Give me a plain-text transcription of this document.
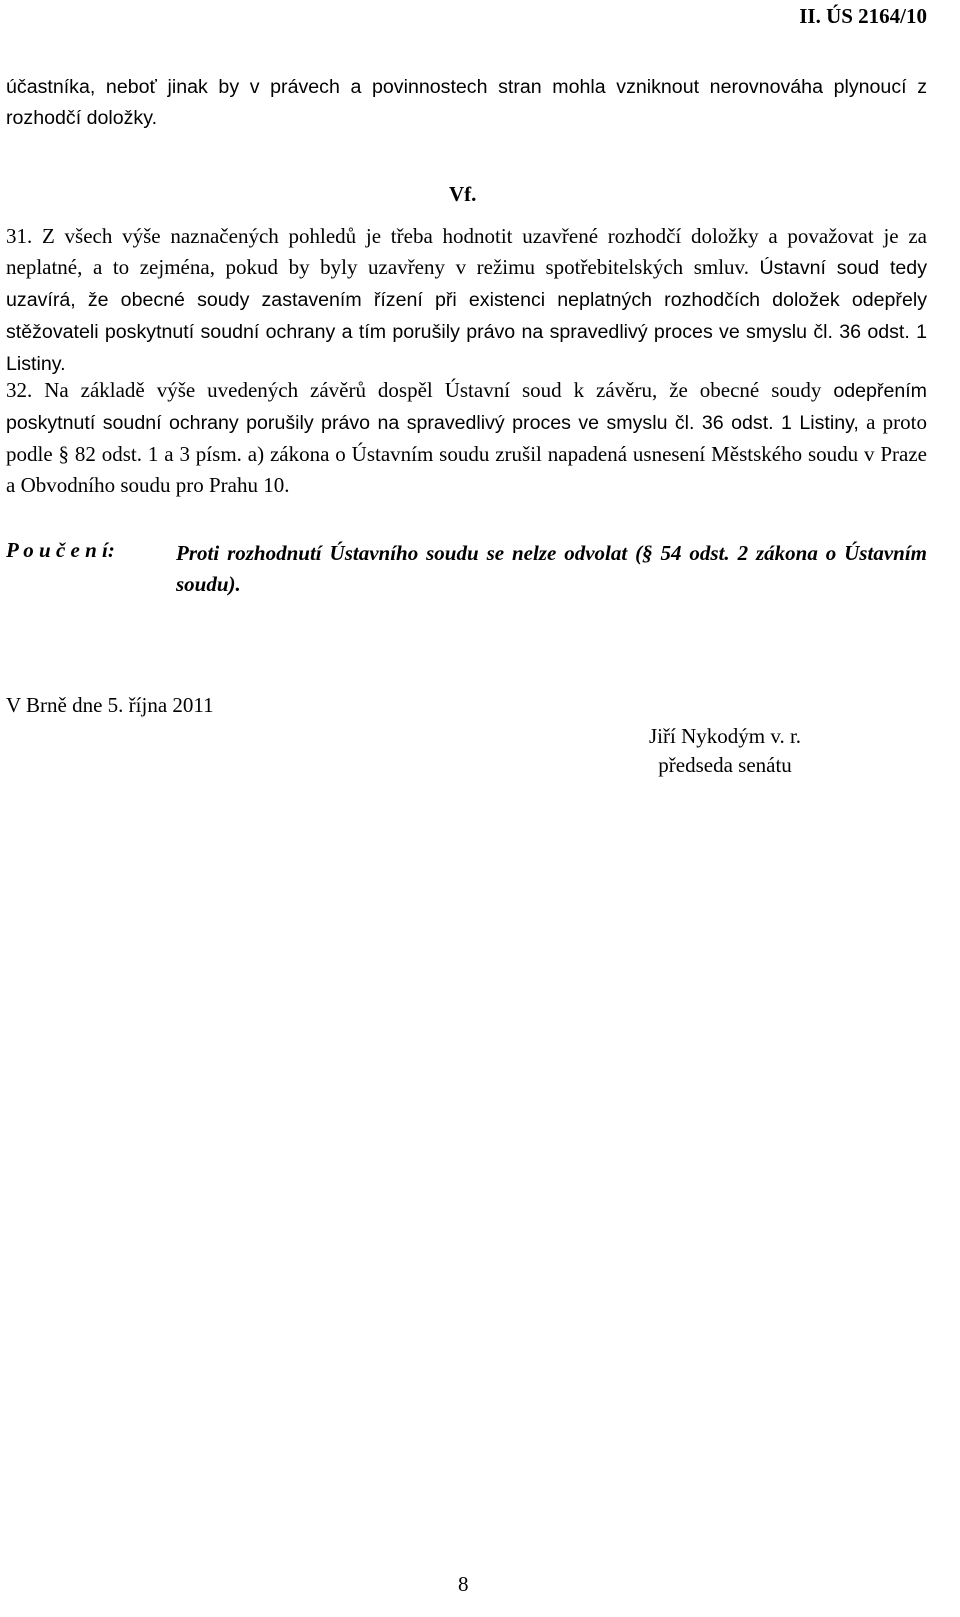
II. ÚS 2164/10

účastníka, neboť jinak by v právech a povinnostech stran mohla vzniknout nerovnováha plynoucí z rozhodčí doložky.

Vf.

31. Z všech výše naznačených pohledů je třeba hodnotit uzavřené rozhodčí doložky a považovat je za neplatné, a to zejména, pokud by byly uzavřeny v režimu spotřebitelských smluv. Ústavní soud tedy uzavírá, že obecné soudy zastavením řízení při existenci neplatných rozhodčích doložek odepřely stěžovateli poskytnutí soudní ochrany a tím porušily právo na spravedlivý proces ve smyslu čl. 36 odst. 1 Listiny.

32. Na základě výše uvedených závěrů dospěl Ústavní soud k závěru, že obecné soudy odepřením poskytnutí soudní ochrany porušily právo na spravedlivý proces ve smyslu čl. 36 odst. 1 Listiny, a proto podle § 82 odst. 1 a 3 písm. a) zákona o Ústavním soudu zrušil napadená usnesení Městského soudu v Praze a Obvodního soudu pro Prahu 10.

P o u č e n í:	Proti rozhodnutí Ústavního soudu se nelze odvolat (§ 54 odst. 2 zákona o Ústavním soudu).

V Brně dne 5. října 2011
Jiří Nykodým v. r.
předseda senátu
8
